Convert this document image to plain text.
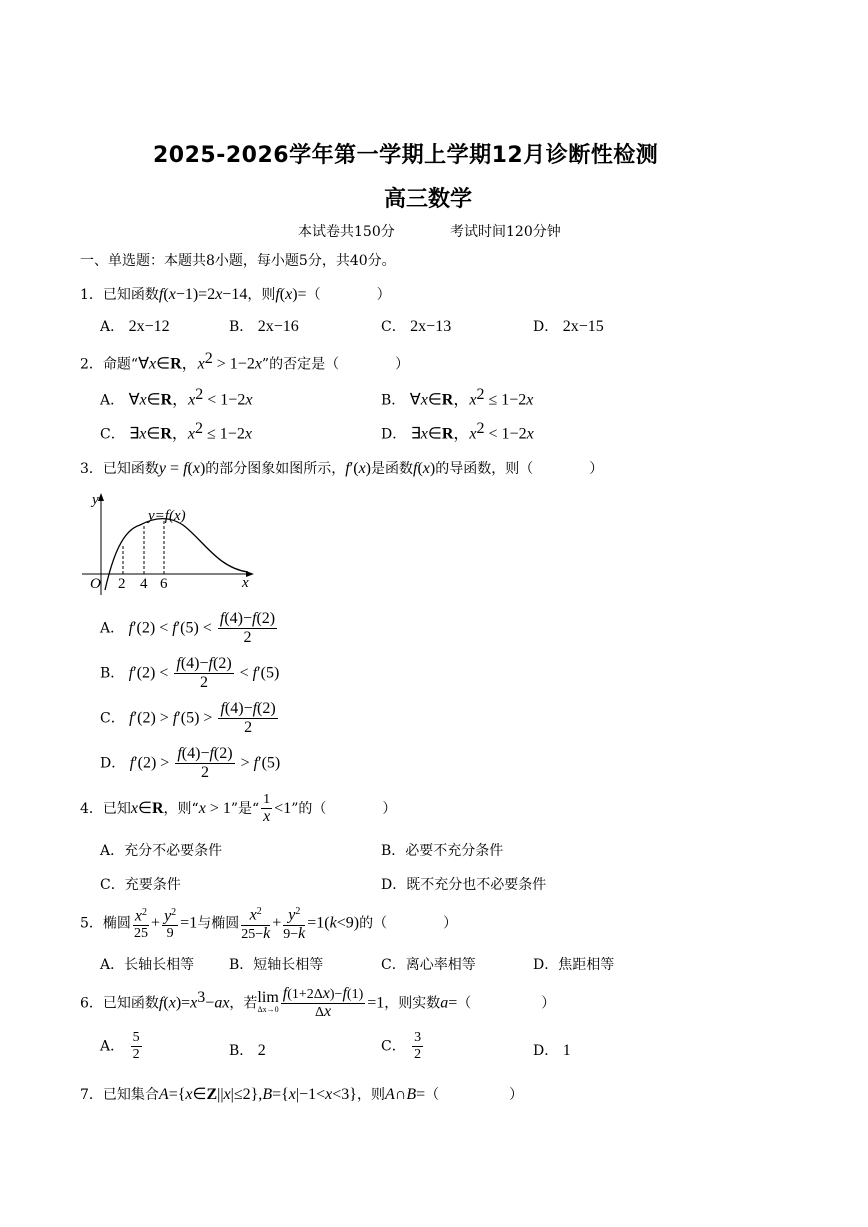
2025-2026学年第一学期上学期12月诊断性检测
高三数学
本试卷共150分	考试时间120分钟
一、单选题：本题共8小题，每小题5分，共40分。
1．已知函数f(x−1)=2x−14，则f(x)=（　　　　）
A． 2x−12	B． 2x−16	C． 2x−13	D． 2x−15
2．命题“∀x∈R，$x^2 > 1-2x$”的否定是（　　　　）
A． ∀x∈R，$x^2 < 1-2x$	B． ∀x∈R，$x^2 \le 1-2x$
C． ∃x∈R，$x^2 \le 1-2x$	D． ∃x∈R，$x^2 < 1-2x$
3．已知函数y = f(x)的部分图象如图所示，f′(x)是函数f(x)的导函数，则（　　　　）
y
y=f(x)
O 2 4 6	x
A． $f'(2) < f'(5) < \frac{f(4)-f(2)}{2}$
B． $f'(2) < \frac{f(4)-f(2)}{2} < f'(5)$
C． $f'(2) > f'(5) > \frac{f(4)-f(2)}{2}$
D． $f'(2) > \frac{f(4)-f(2)}{2} > f'(5)$
4．已知x∈R，则“x > 1”是“ $\frac{1}{x} <1$”的（　　　　）
A．充分不必要条件	B．必要不充分条件
C．充要条件	D．既不充分也不必要条件
5．椭圆 $\frac{x^2}{25} + \frac{y^2}{9} =1$与椭圆 $\frac{x^2}{25-k} + \frac{y^2}{9-k} =1(k<9)$的（　　　　）
A．长轴长相等 B．短轴长相等	C．离心率相等	D．焦距相等
6．已知函数$f(x)=x^3-ax$，若lim
$\Delta x\to 0 \frac{f(1+2\Delta x)-f(1)}{\Delta x} =1$，则实数a=（　　　　　）
A． $\frac{5}{2}$	B． 2	C． $\frac{3}{2}$	D． 1
7．已知集合A={x∈Z||x|≤2},B={x|−1<x<3}，则A∩B=（　　　　　）
